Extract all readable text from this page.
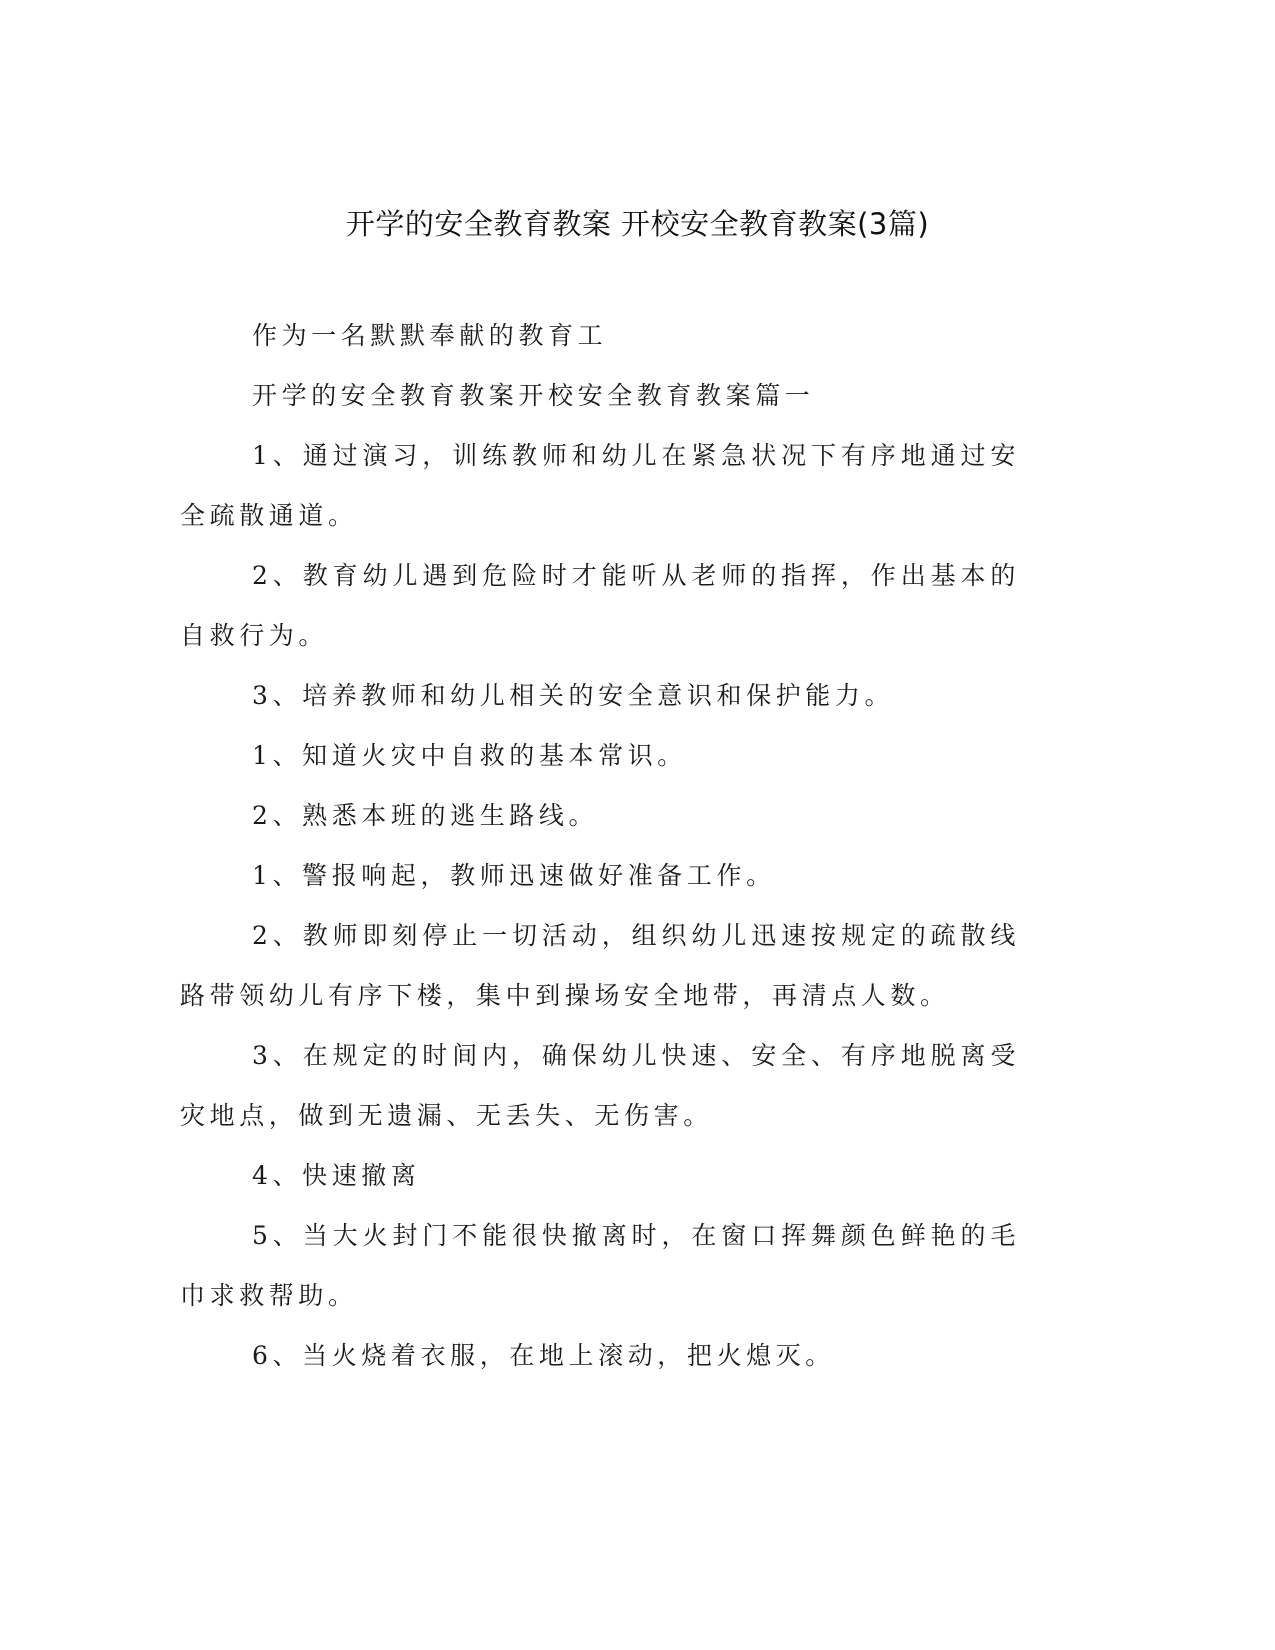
开学的安全教育教案 开校安全教育教案(3篇)

作为一名默默奉献的教育工

开学的安全教育教案开校安全教育教案篇一

1、通过演习，训练教师和幼儿在紧急状况下有序地通过安全疏散通道。

2、教育幼儿遇到危险时才能听从老师的指挥，作出基本的自救行为。

3、培养教师和幼儿相关的安全意识和保护能力。

1、知道火灾中自救的基本常识。

2、熟悉本班的逃生路线。

1、警报响起，教师迅速做好准备工作。

2、教师即刻停止一切活动，组织幼儿迅速按规定的疏散线路带领幼儿有序下楼，集中到操场安全地带，再清点人数。

3、在规定的时间内，确保幼儿快速、安全、有序地脱离受灾地点，做到无遗漏、无丢失、无伤害。

4、快速撤离

5、当大火封门不能很快撤离时，在窗口挥舞颜色鲜艳的毛巾求救帮助。

6、当火烧着衣服，在地上滚动，把火熄灭。
